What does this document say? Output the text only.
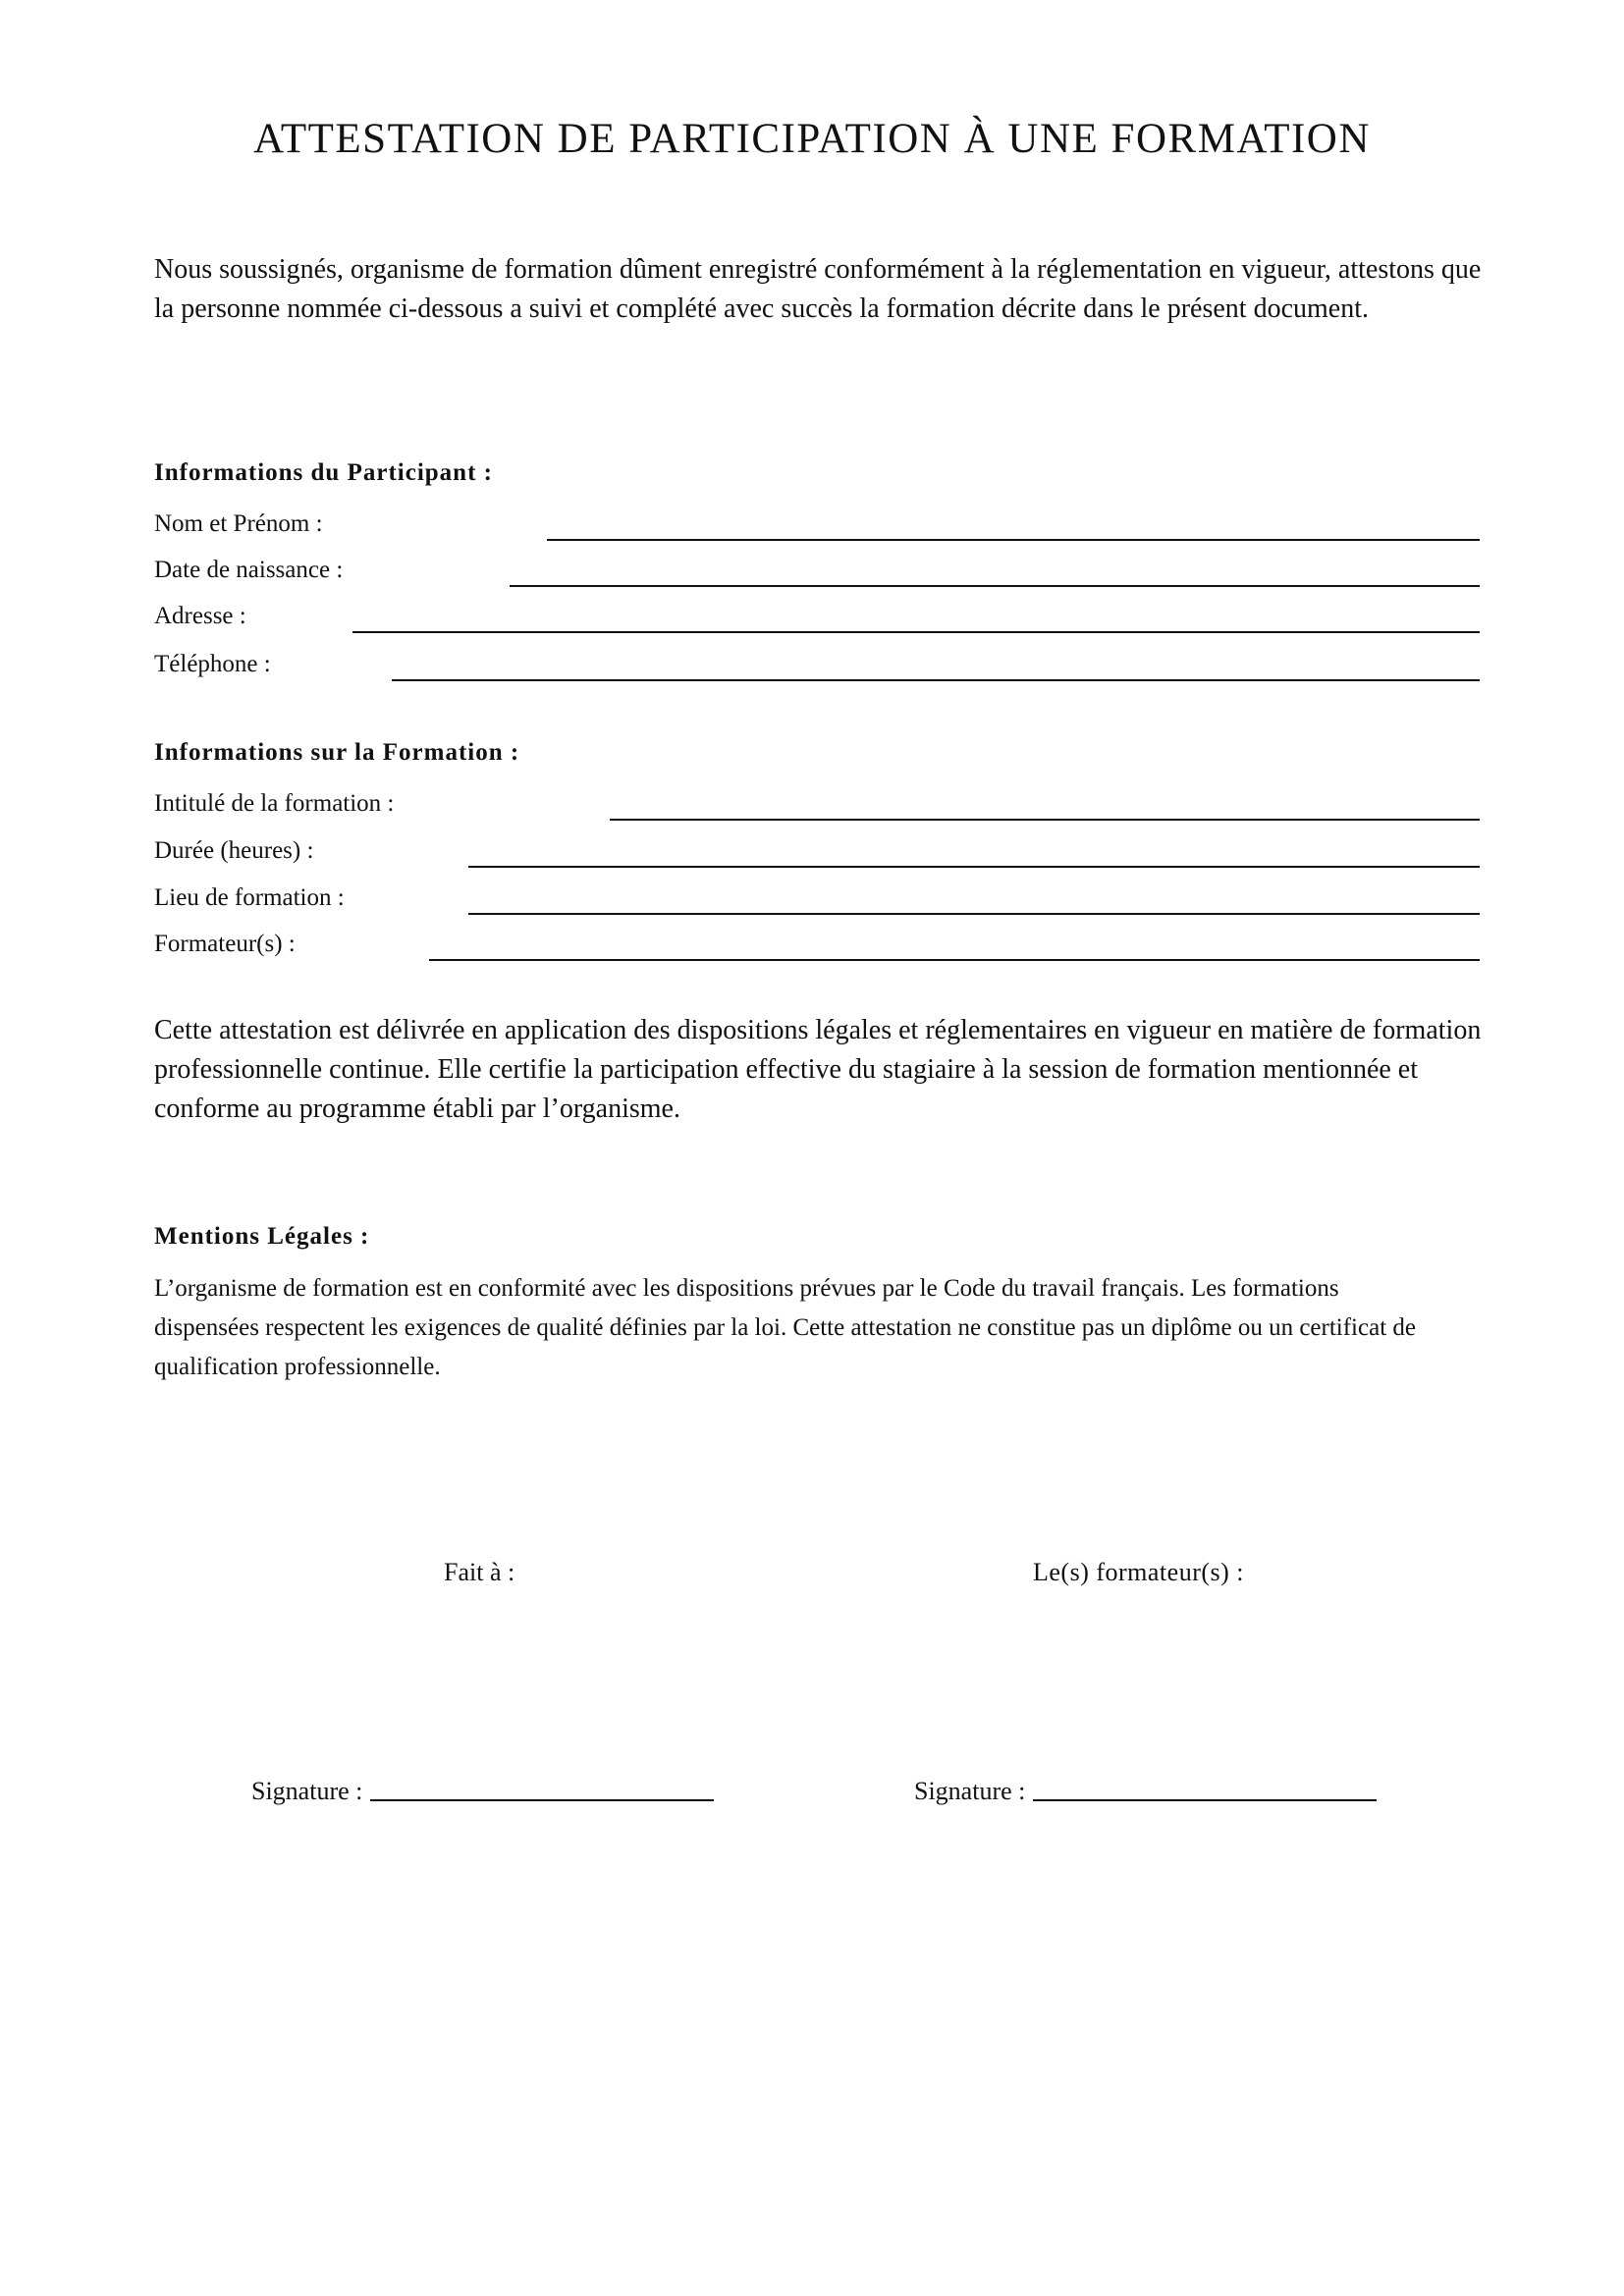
ATTESTATION DE PARTICIPATION À UNE FORMATION

Nous soussignés, organisme de formation dûment enregistré conformément à la réglementation en vigueur, attestons que la personne nommée ci-dessous a suivi et complété avec succès la formation décrite dans le présent document.

Informations du Participant :
Nom et Prénom :
Date de naissance :
Adresse :
Téléphone :
Informations sur la Formation :
Intitulé de la formation :
Durée (heures) :
Lieu de formation :
Formateur(s) :

Cette attestation est délivrée en application des dispositions légales et réglementaires en vigueur en matière de formation professionnelle continue. Elle certifie la participation effective du stagiaire à la session de formation mentionnée et conforme au programme établi par l’organisme.

Mentions Légales :

L’organisme de formation est en conformité avec les dispositions prévues par le Code du travail français. Les formations dispensées respectent les exigences de qualité définies par la loi. Cette attestation ne constitue pas un diplôme ou un certificat de qualification professionnelle.

Fait à :	Le(s) formateur(s) :
Signature :	Signature :
